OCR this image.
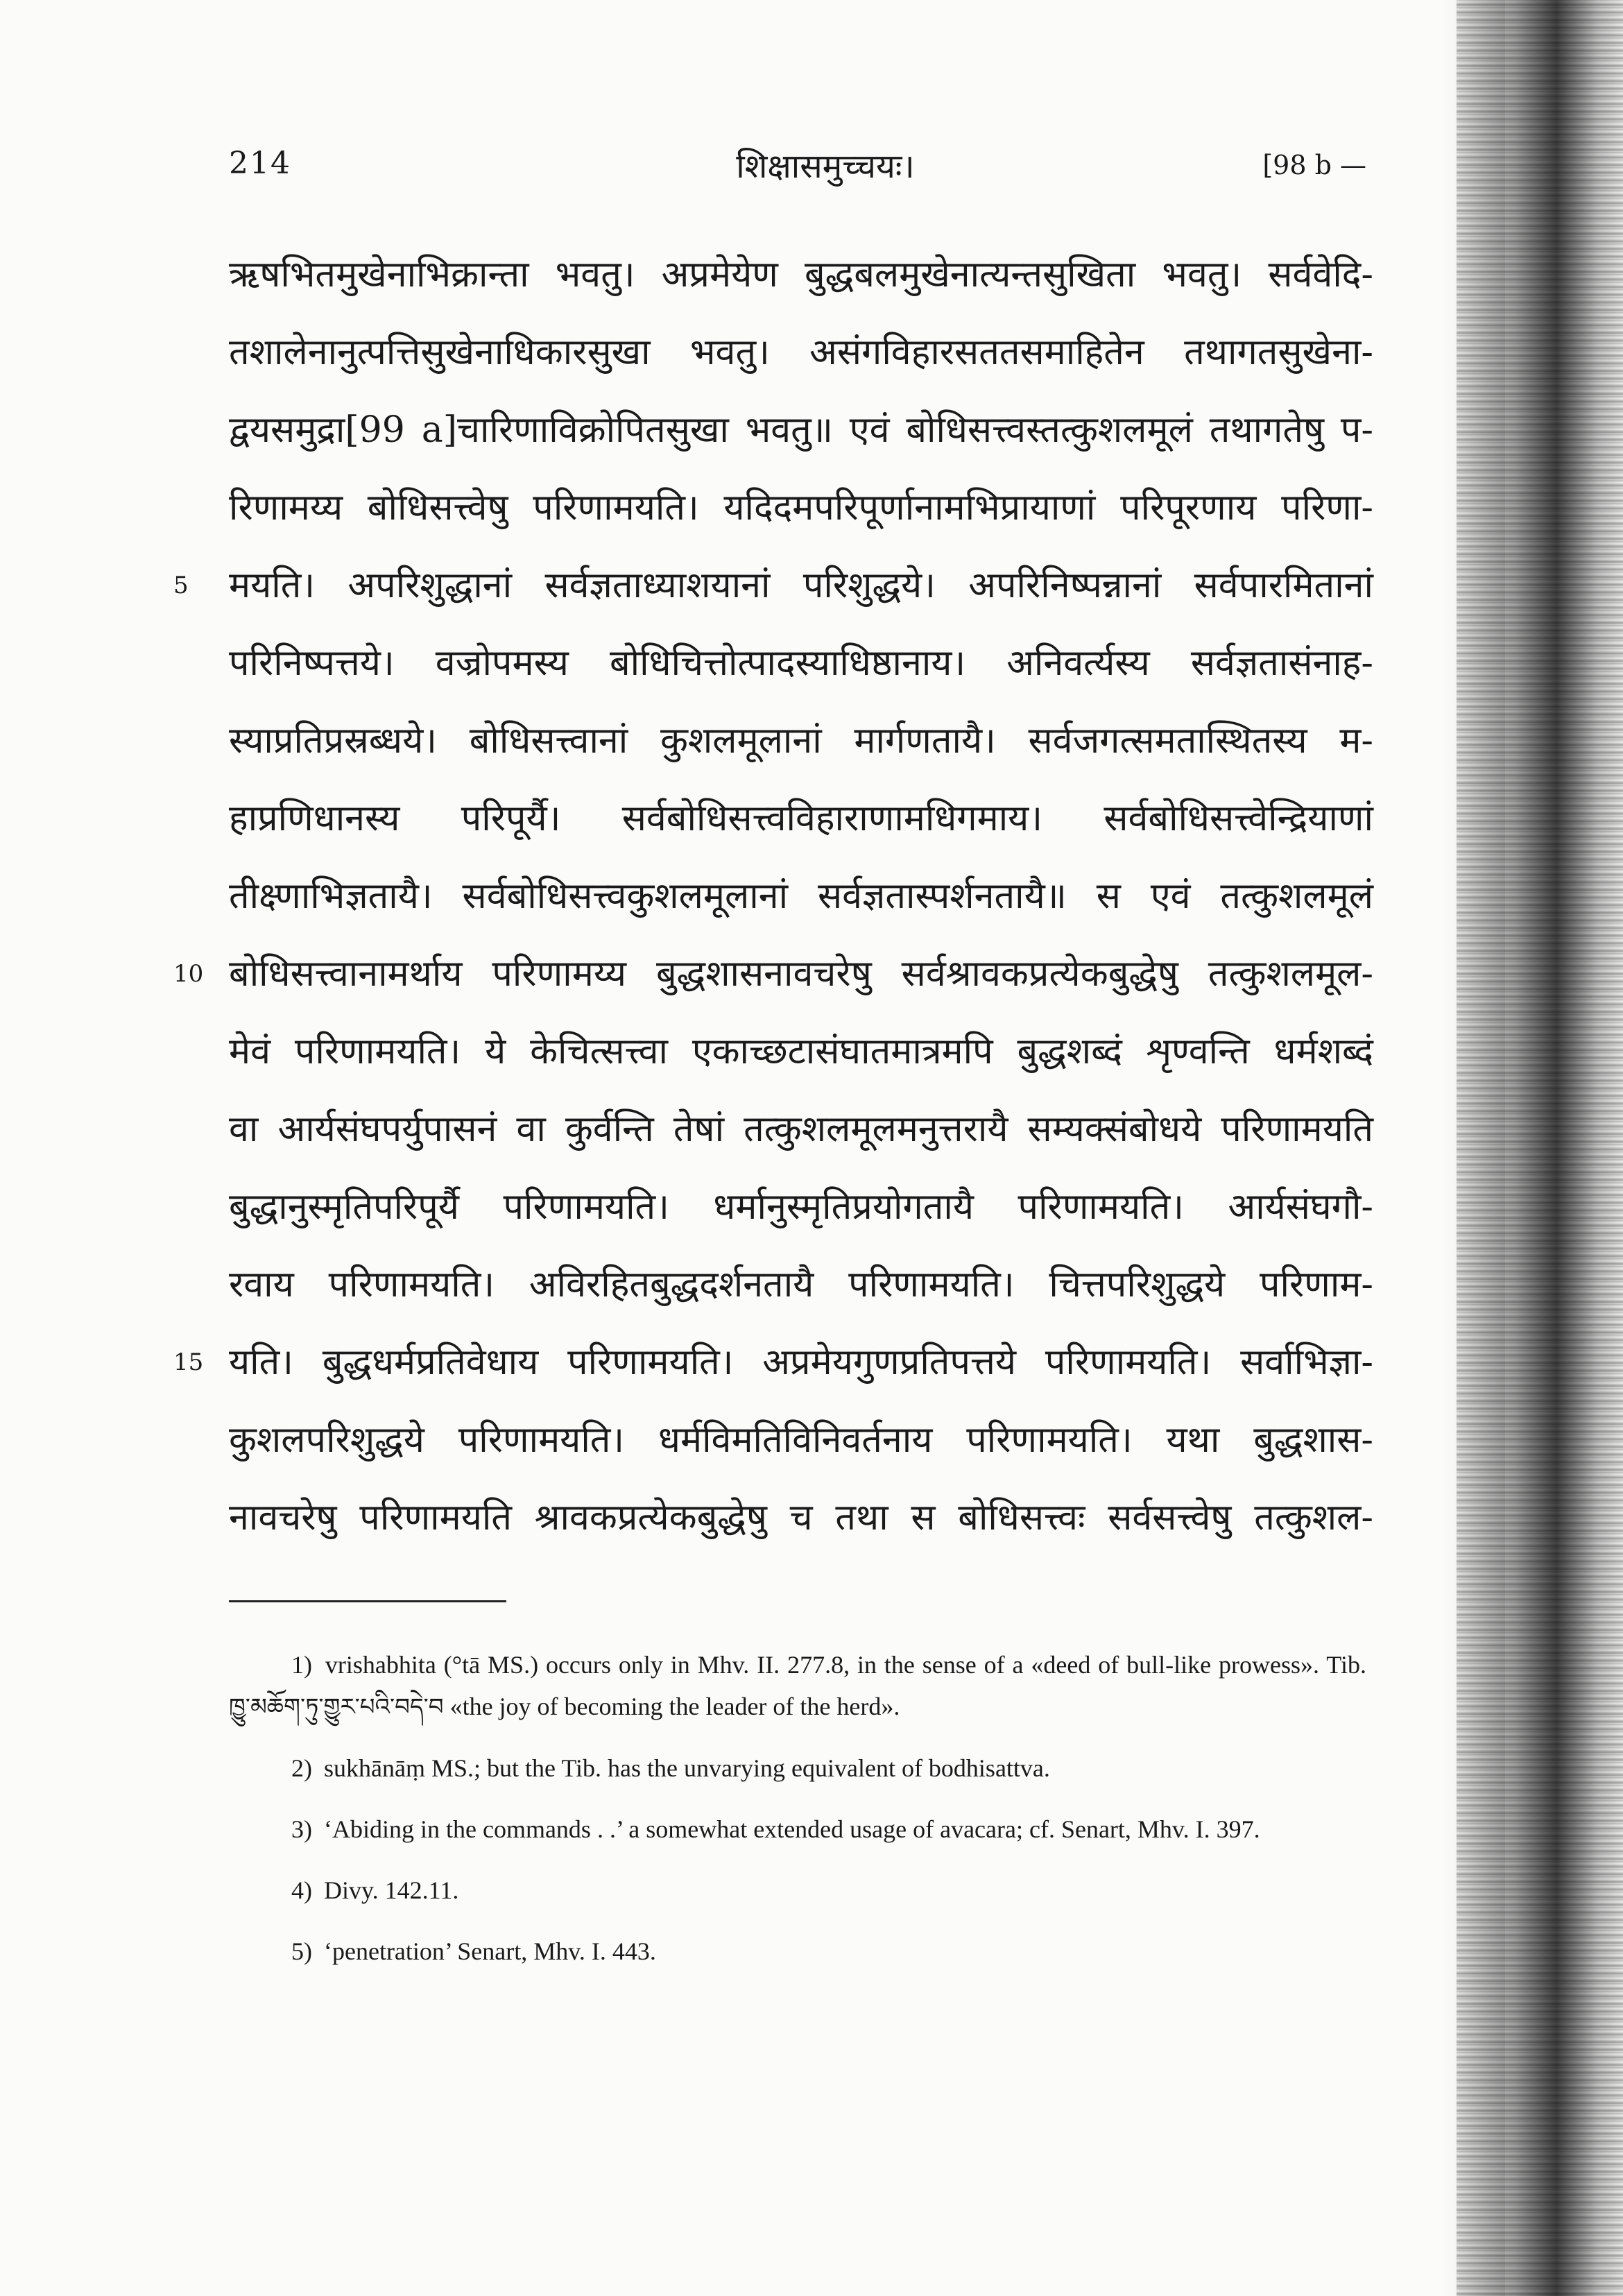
214	शिक्षासमुच्चयः।	[98 b —
ऋषभितमुखेनाभिक्रान्ता भवतु। अप्रमेयेण बुद्धबलमुखेनात्यन्तसुखिता भवतु। सर्ववेदि-
तशालेनानुत्पत्तिसुखेनाधिकारसुखा भवतु। असंगविहारसततसमाहितेन तथागतसुखेना-
द्वयसमुद्रा[99 a]चारिणाविक्रोपितसुखा भवतु॥ एवं बोधिसत्त्वस्तत्कुशलमूलं तथागतेषु प-
रिणामय्य बोधिसत्त्वेषु परिणामयति। यदिदमपरिपूर्णानामभिप्रायाणां परिपूरणाय परिणा-
5	मयति। अपरिशुद्धानां सर्वज्ञताध्याशयानां परिशुद्धये। अपरिनिष्पन्नानां सर्वपारमितानां
परिनिष्पत्तये। वज्रोपमस्य बोधिचित्तोत्पादस्याधिष्ठानाय। अनिवर्त्यस्य सर्वज्ञतासंनाह-
स्याप्रतिप्रस्रब्धये। बोधिसत्त्वानां कुशलमूलानां मार्गणतायै। सर्वजगत्समतास्थितस्य म-
हाप्रणिधानस्य परिपूर्यै। सर्वबोधिसत्त्वविहाराणामधिगमाय। सर्वबोधिसत्त्वेन्द्रियाणां
तीक्ष्णाभिज्ञतायै। सर्वबोधिसत्त्वकुशलमूलानां सर्वज्ञतास्पर्शनतायै॥ स एवं तत्कुशलमूलं
10 बोधिसत्त्वानामर्थाय परिणामय्य बुद्धशासनावचरेषु सर्वश्रावकप्रत्येकबुद्धेषु तत्कुशलमूल-
मेवं परिणामयति। ये केचित्सत्त्वा एकाच्छटासंघातमात्रमपि बुद्धशब्दं शृण्वन्ति धर्मशब्दं
वा आर्यसंघपर्युपासनं वा कुर्वन्ति तेषां तत्कुशलमूलमनुत्तरायै सम्यक्संबोधये परिणामयति
बुद्धानुस्मृतिपरिपूर्यै परिणामयति। धर्मानुस्मृतिप्रयोगतायै परिणामयति। आर्यसंघगौ-
रवाय परिणामयति। अविरहितबुद्धदर्शनतायै परिणामयति। चित्तपरिशुद्धये परिणाम-
15 यति। बुद्धधर्मप्रतिवेधाय परिणामयति। अप्रमेयगुणप्रतिपत्तये परिणामयति। सर्वाभिज्ञा-
कुशलपरिशुद्धये परिणामयति। धर्मविमतिविनिवर्तनाय परिणामयति। यथा बुद्धशास-
नावचरेषु परिणामयति श्रावकप्रत्येकबुद्धेषु च तथा स बोधिसत्त्वः सर्वसत्त्वेषु तत्कुशल-

1) vrishabhita (°tā MS.) occurs only in Mhv. II. 277.8, in the sense of a «deed of bull-like prowess». Tib. ཁྱུ་མཆོག་ཏུ་གྱུར་པའི་བདེ་བ «the joy of becoming the leader of the herd».

2) sukhānāṃ MS.; but the Tib. has the unvarying equivalent of bodhisattva.

3) ‘Abiding in the commands . .’ a somewhat extended usage of avacara; cf. Senart, Mhv. I. 397.

4) Divy. 142.11.

5) ‘penetration’ Senart, Mhv. I. 443.
